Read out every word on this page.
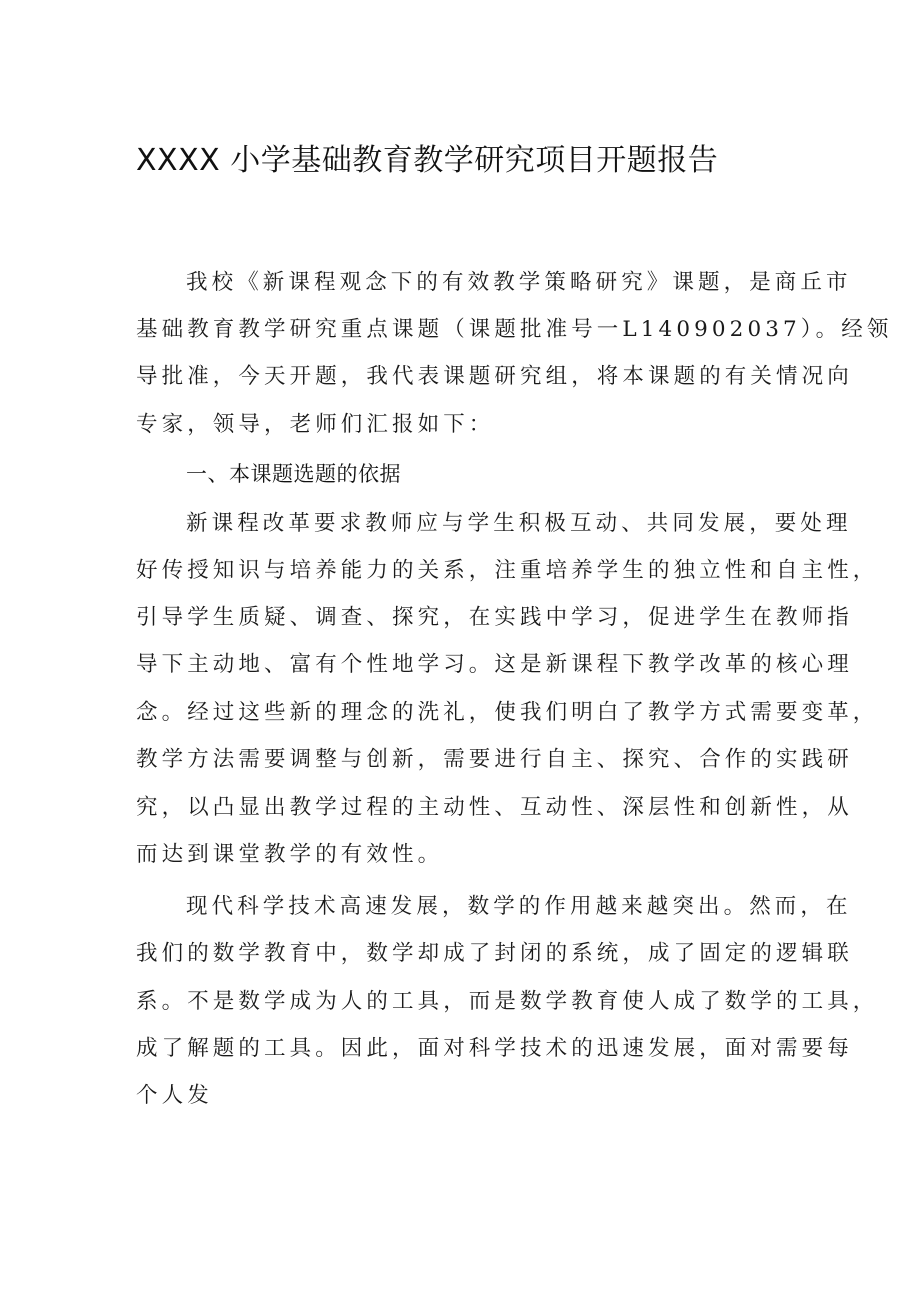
XXXX 小学基础教育教学研究项目开题报告

我校《新课程观念下的有效教学策略研究》课题，是商丘市

基础教育教学研究重点课题（课题批准号一L140902037）。经领

导批准，今天开题，我代表课题研究组，将本课题的有关情况向

专家，领导，老师们汇报如下：

一、本课题选题的依据

新课程改革要求教师应与学生积极互动、共同发展，要处理

好传授知识与培养能力的关系，注重培养学生的独立性和自主性，

引导学生质疑、调查、探究，在实践中学习，促进学生在教师指

导下主动地、富有个性地学习。这是新课程下教学改革的核心理

念。经过这些新的理念的洗礼，使我们明白了教学方式需要变革，

教学方法需要调整与创新，需要进行自主、探究、合作的实践研

究，以凸显出教学过程的主动性、互动性、深层性和创新性，从

而达到课堂教学的有效性。

现代科学技术高速发展，数学的作用越来越突出。然而，在

我们的数学教育中，数学却成了封闭的系统，成了固定的逻辑联

系。不是数学成为人的工具，而是数学教育使人成了数学的工具，

成了解题的工具。因此，面对科学技术的迅速发展，面对需要每

个人发
